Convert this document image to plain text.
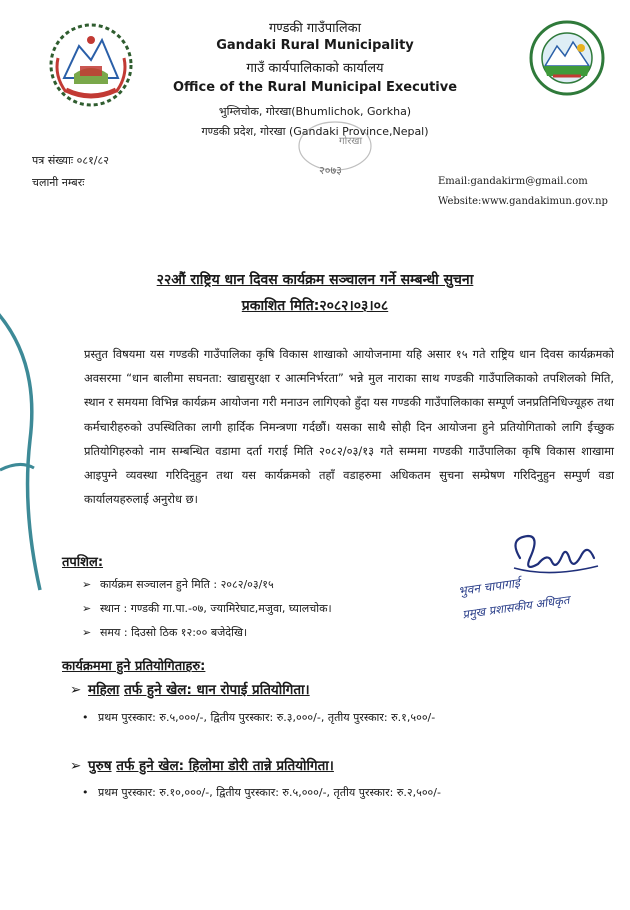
गण्डकी गाउँपालिका
Gandaki Rural Municipality
गाउँ कार्यपालिकाको कार्यालय
Office of the Rural Municipal Executive
भुम्लिचोक, गोरखा(Bhumlichok, Gorkha)
गण्डकी प्रदेश, गोरखा (Gandaki Province,Nepal)
गोरखा
२०७३
पत्र संख्याः ०८१/८२
चलानी नम्बरः	Email:gandakirm@gmail.com
Website:www.gandakimun.gov.np
२२औं राष्ट्रिय धान दिवस कार्यक्रम सञ्चालन गर्ने सम्बन्धी सुचना
प्रकाशित मिति:२०८२।०३।०८
प्रस्तुत विषयमा यस गण्डकी गाउँपालिका कृषि विकास शाखाको आयोजनामा यहि असार १५ गते राष्ट्रिय धान दिवस कार्यक्रमको अवसरमा “धान बालीमा सघनता: खाद्यसुरक्षा र आत्मनिर्भरता” भन्ने मुल नाराका साथ गण्डकी गाउँपालिकाको तपशिलको मिति, स्थान र समयमा विभिन्न कार्यक्रम आयोजना गरी मनाउन लागिएको हुँदा यस गण्डकी गाउँपालिकाका सम्पूर्ण जनप्रतिनिधिज्यूहरु तथा कर्मचारीहरुको उपस्थितिका लागी हार्दिक निमन्त्रणा गर्दछौं। यसका साथै सोही दिन आयोजना हुने प्रतियोगिताको लागि ईच्छुक प्रतियोगिहरुको नाम सम्बन्धित वडामा दर्ता गराई मिति २०८२/०३/१३ गते सम्ममा गण्डकी गाउँपालिका कृषि विकास शाखामा आइपुग्ने व्यवस्था गरिदिनुहुन तथा यस कार्यक्रमको तहाँ वडाहरुमा अधिकतम सुचना सम्प्रेषण गरिदिनुहुन सम्पुर्ण वडा कार्यालयहरुलाई अनुरोध छ।
भुवन चापागाई
प्रमुख प्रशासकीय अधिकृत
तपशिल:
➢ कार्यक्रम सञ्चालन हुने मिति : २०८२/०३/१५
➢ स्थान : गण्डकी गा.पा.-०७, ज्यामिरेघाट,मजुवा, घ्यालचोक।
➢ समय : दिउसो ठिक १२:०० बजेदेखि।
कार्यक्रममा हुने प्रतियोगिताहरु:
➢ महिला तर्फ हुने खेल: धान रोपाई प्रतियोगिता।
• प्रथम पुरस्कार: रु.५,०००/-, द्वितीय पुरस्कार: रु.३,०००/-, तृतीय पुरस्कार: रु.१,५००/-
➢ पुरुष तर्फ हुने खेल: हिलोमा डोरी तान्ने प्रतियोगिता।
• प्रथम पुरस्कार: रु.१०,०००/-, द्वितीय पुरस्कार: रु.५,०००/-, तृतीय पुरस्कार: रु.२,५००/-
